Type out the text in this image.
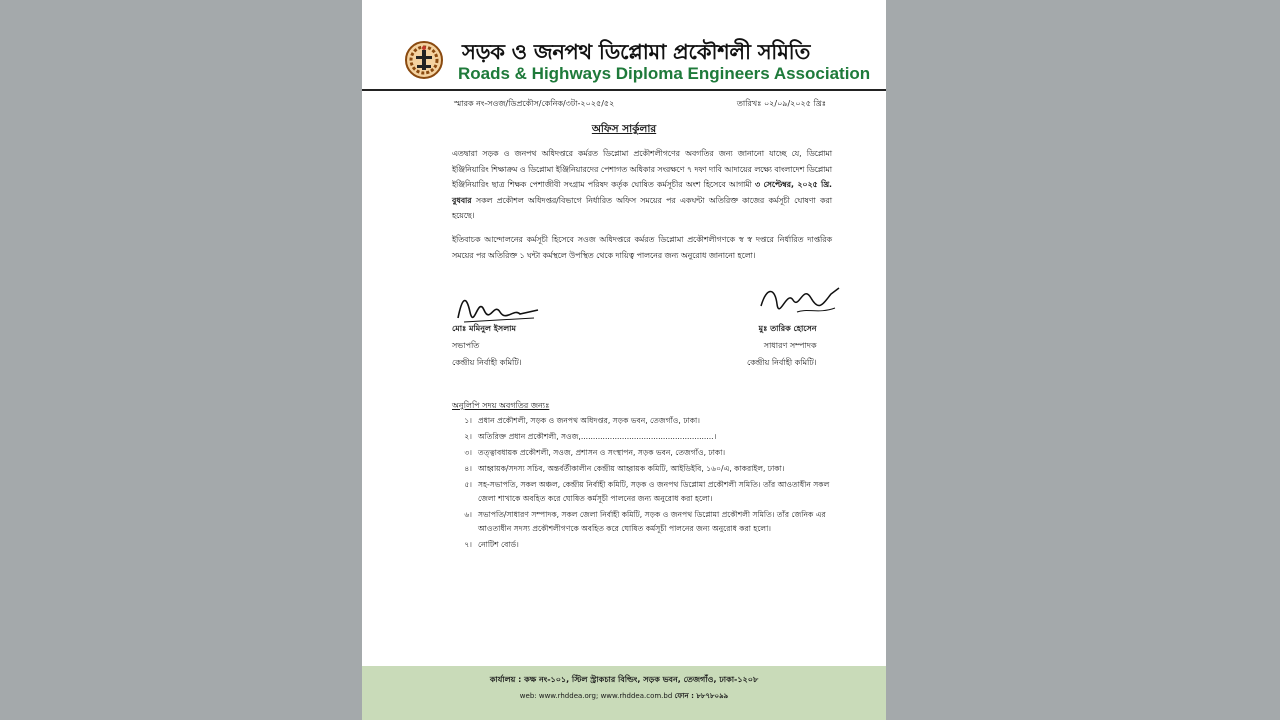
সড়ক ও জনপথ ডিপ্লোমা প্রকৌশলী সমিতি
Roads & Highways Diploma Engineers Association
স্মারক নং-সওজ/ডিপ্রকৌস/কেনিক/৩টা-২০২৫/৫২	তারিখঃ ০২/০৯/২০২৫ খ্রিঃ
অফিস সার্কুলার
এতদ্বারা সড়ক ও জনপথ অধিদপ্তরে কর্মরত ডিপ্লোমা প্রকৌশলীগণের অবগতির জন্য জানানো যাচ্ছে যে, ডিপ্লোমা ইঞ্জিনিয়ারিং শিক্ষাক্রম ও ডিপ্লোমা ইঞ্জিনিয়ারদের পেশাগত অধিকার সংরক্ষণে ৭ দফা দাবি আদায়ের লক্ষ্যে বাংলাদেশ ডিপ্লোমা ইঞ্জিনিয়ারিং ছাত্র শিক্ষক পেশাজীবী সংগ্রাম পরিষদ কর্তৃক ঘোষিত কর্মসূচীর অংশ হিসেবে আগামী ৩ সেপ্টেম্বর, ২০২৫ খ্রি. বুধবার সকল প্রকৌশল অধিদপ্তর/বিভাগে নির্ধারিত অফিস সময়ের পর একঘন্টা অতিরিক্ত কাজের কর্মসূচী ঘোষণা করা হয়েছে।
ইতিবাচক আন্দোলনের কর্মসূচী হিসেবে সওজ অধিদপ্তরে কর্মরত ডিপ্লোমা প্রকৌশলীগণকে স্ব স্ব দপ্তরে নির্ধারিত দাপ্তরিক সময়ের পর অতিরিক্ত ১ ঘন্টা কর্মস্থলে উপস্থিত থেকে দায়িত্ব পালনের জন্য অনুরোধ জানানো হলো।
মোঃ মমিনুল ইসলাম
সভাপতি
কেন্দ্রীয় নির্বাহী কমিটি।
মুঃ তারিক হোসেন
সাধারণ সম্পাদক
কেন্দ্রীয় নির্বাহী কমিটি।
অনুলিপি সদয় অবগতির জন্যঃ
১। প্রধান প্রকৌশলী, সড়ক ও জনপথ অধিদপ্তর, সড়ক ভবন, তেজগাঁও, ঢাকা।
২। অতিরিক্ত প্রধান প্রকৌশলী, সওজ,.......................................................।
৩। তত্ত্বাবধায়ক প্রকৌশলী, সওজ, প্রশাসন ও সংস্থাপন, সড়ক ভবন, তেজগাঁও, ঢাকা।
৪। আহ্বায়ক/সদস্য সচিব, অন্তর্বর্তীকালীন কেন্দ্রীয় আহ্বায়ক কমিটি, আইডিইবি, ১৬০/এ, কাকরাইল, ঢাকা।
৫। সহ-সভাপতি, সকল অঞ্চল, কেন্দ্রীয় নির্বাহী কমিটি, সড়ক ও জনপথ ডিপ্লোমা প্রকৌশলী সমিতি। তাঁর আওতাধীন সকল জেলা শাখাকে অবহিত করে ঘোষিত কর্মসূচী পালনের জন্য অনুরোধ করা হলো।
৬। সভাপতি/সাধারণ সম্পাদক, সকল জেলা নির্বাহী কমিটি, সড়ক ও জনপথ ডিপ্লোমা প্রকৌশলী সমিতি। তাঁর জেনিক এর আওতাধীন সদস্য প্রকৌশলীগণকে অবহিত করে ঘোষিত কর্মসূচী পালনের জন্য অনুরোধ করা হলো।
৭। নোটিশ বোর্ড।
কার্যালয় : কক্ষ নং-১০১, স্টিল স্ট্রাকচার বিল্ডিং, সড়ক ভবন, তেজগাঁও, ঢাকা-১২০৮
web: www.rhddea.org; www.rhddea.com.bd ফোন : ৮৮৭৮০৯৯
